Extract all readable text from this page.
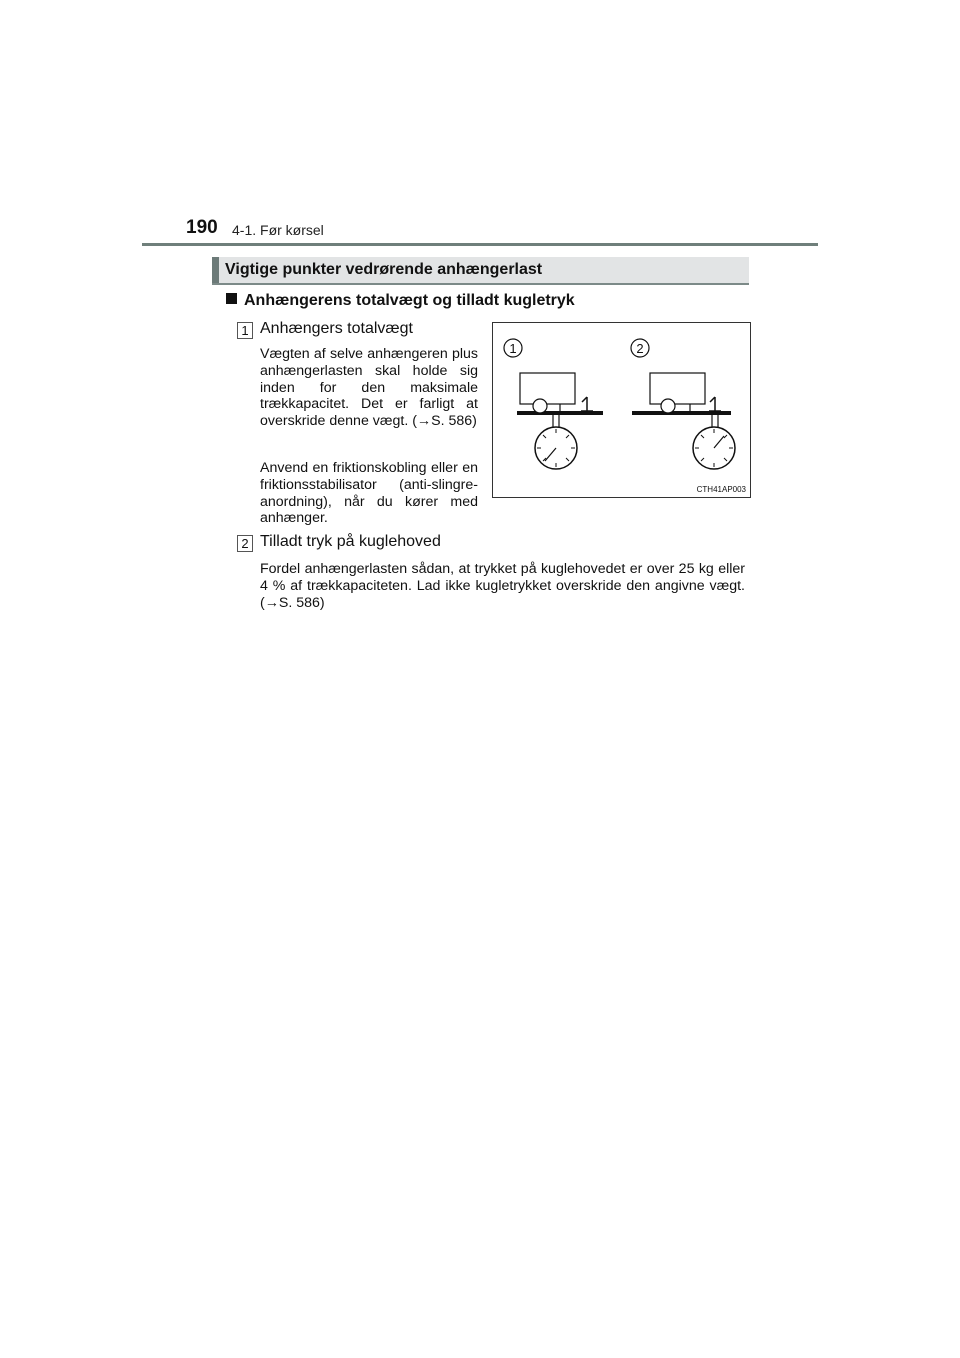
190 4-1. Før kørsel
Vigtige punkter vedrørende anhængerlast
Anhængerens totalvægt og tilladt kugletryk
1 Anhængers totalvægt
Vægten af selve anhængeren plus anhængerlasten skal holde sig inden for den maksimale trækkapacitet. Det er farligt at overskride denne vægt. (→S. 586)
Anvend en friktionskobling eller en friktionsstabilisator (anti-slingre-anordning), når du kører med anhænger.
1	2
CTH41AP003
2 Tilladt tryk på kuglehoved
Fordel anhængerlasten sådan, at trykket på kuglehovedet er over 25 kg eller 4 % af trækkapaciteten. Lad ikke kugletrykket overskride den angivne vægt. (→S. 586)
